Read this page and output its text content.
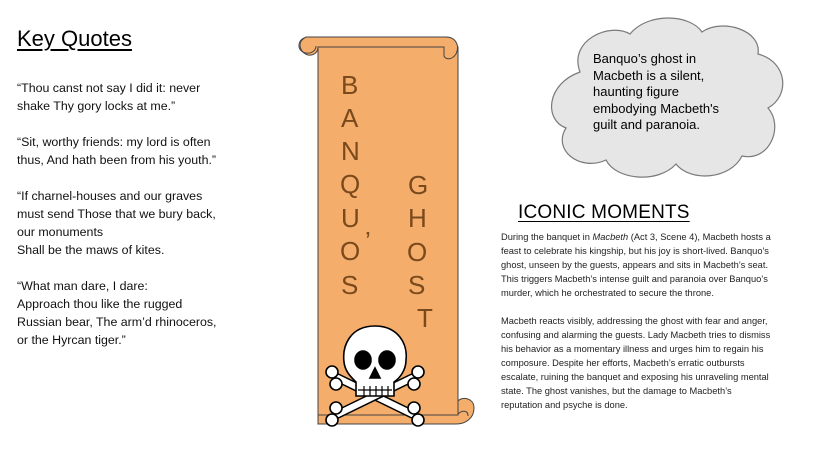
Key Quotes
“Thou canst not say I did it: never
shake Thy gory locks at me.”
“Sit, worthy friends: my lord is often
thus, And hath been from his youth.”
“If charnel-houses and our graves
must send Those that we bury back,
our monuments
Shall be the maws of kites.
“What man dare, I dare:
Approach thou like the rugged
Russian bear, The arm’d rhinoceros,
or the Hyrcan tiger.”
B
A
N
Q
U
O ’
S
G
H
O
S
T
Banquo’s ghost in
Macbeth is a silent,
haunting figure
embodying Macbeth's
guilt and paranoia.
ICONIC MOMENTS
During the banquet in Macbeth (Act 3, Scene 4), Macbeth hosts a
feast to celebrate his kingship, but his joy is short-lived. Banquo's
ghost, unseen by the guests, appears and sits in Macbeth’s seat.
This triggers Macbeth’s intense guilt and paranoia over Banquo’s
murder, which he orchestrated to secure the throne.
Macbeth reacts visibly, addressing the ghost with fear and anger,
confusing and alarming the guests. Lady Macbeth tries to dismiss
his behavior as a momentary illness and urges him to regain his
composure. Despite her efforts, Macbeth’s erratic outbursts
escalate, ruining the banquet and exposing his unraveling mental
state. The ghost vanishes, but the damage to Macbeth’s
reputation and psyche is done.
